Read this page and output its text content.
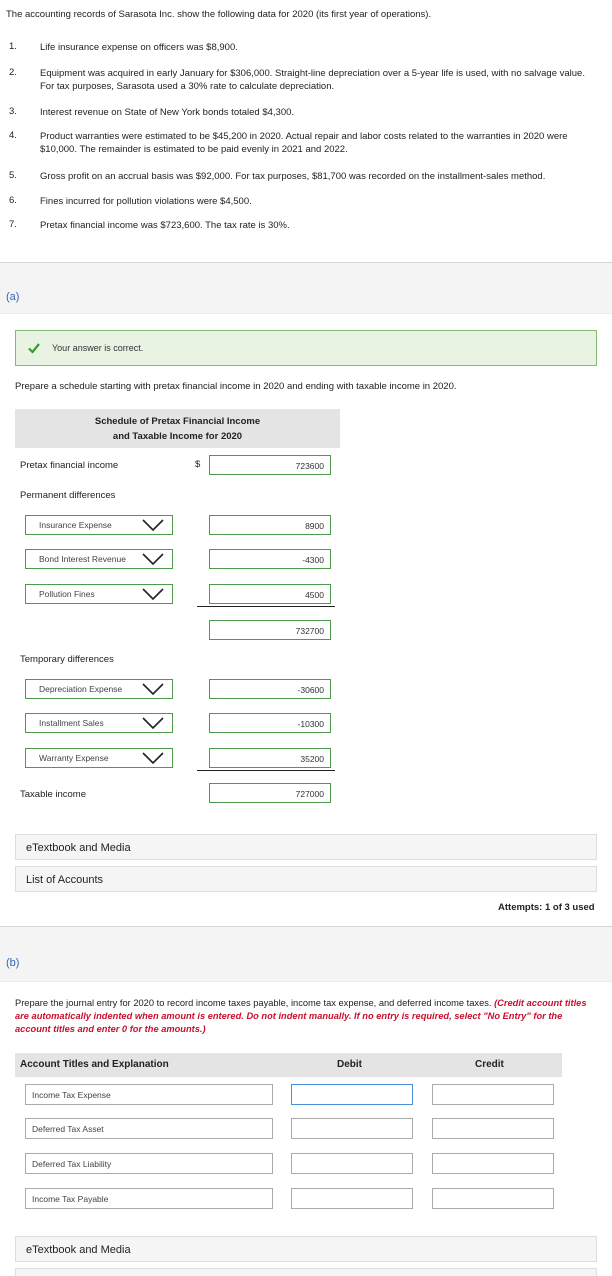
The accounting records of Sarasota Inc. show the following data for 2020 (its first year of operations).
1. Life insurance expense on officers was $8,900.
2. Equipment was acquired in early January for $306,000. Straight-line depreciation over a 5-year life is used, with no salvage value. For tax purposes, Sarasota used a 30% rate to calculate depreciation.
3. Interest revenue on State of New York bonds totaled $4,300.
4. Product warranties were estimated to be $45,200 in 2020. Actual repair and labor costs related to the warranties in 2020 were $10,000. The remainder is estimated to be paid evenly in 2021 and 2022.
5. Gross profit on an accrual basis was $92,000. For tax purposes, $81,700 was recorded on the installment-sales method.
6. Fines incurred for pollution violations were $4,500.
7. Pretax financial income was $723,600. The tax rate is 30%.
(a)
Your answer is correct.
Prepare a schedule starting with pretax financial income in 2020 and ending with taxable income in 2020.
Schedule of Pretax Financial Income
and Taxable Income for 2020
Pretax financial income	$	723600
Permanent differences
Insurance Expense	8900
Bond Interest Revenue	-4300
Pollution Fines	4500
732700
Temporary differences
Depreciation Expense	-30600
Installment Sales	-10300
Warranty Expense	35200
Taxable income	727000
eTextbook and Media
List of Accounts
Attempts: 1 of 3 used
(b)
Prepare the journal entry for 2020 to record income taxes payable, income tax expense, and deferred income taxes. (Credit account titles are automatically indented when amount is entered. Do not indent manually. If no entry is required, select "No Entry" for the account titles and enter 0 for the amounts.)
Account Titles and Explanation	Debit	Credit
Income Tax Expense
Deferred Tax Asset
Deferred Tax Liability
Income Tax Payable
eTextbook and Media
